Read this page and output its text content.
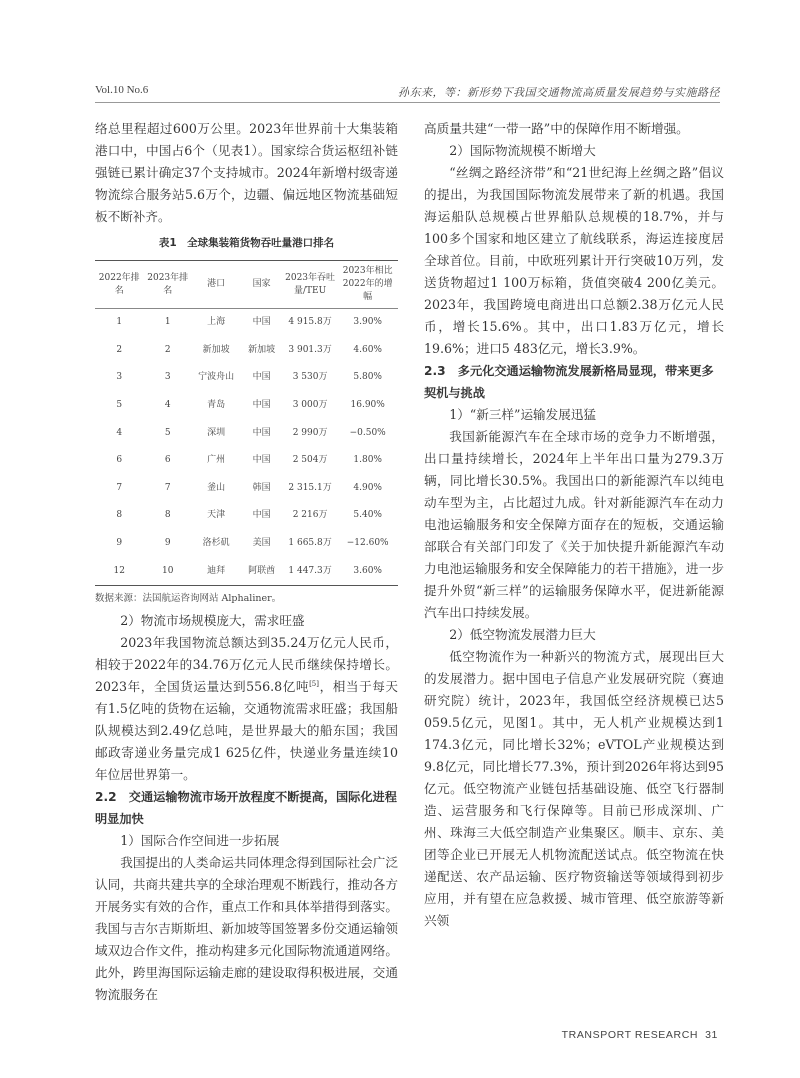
Vol.10 No.6	孙东来，等：新形势下我国交通物流高质量发展趋势与实施路径

络总里程超过600万公里。2023年世界前十大集装箱港口中，中国占6个（见表1）。国家综合货运枢纽补链强链已累计确定37个支持城市。2024年新增村级寄递物流综合服务站5.6万个，边疆、偏远地区物流基础短板不断补齐。

表1　全球集装箱货物吞吐量港口排名
2022年排名	2023年排名	港口	国家	2023年吞吐量/TEU	2023年相比2022年的增幅
1	1	上海	中国	4 915.8万	3.90%
2	2	新加坡	新加坡	3 901.3万	4.60%
3	3	宁波舟山	中国	3 530万	5.80%
5	4	青岛	中国	3 000万	16.90%
4	5	深圳	中国	2 990万	−0.50%
6	6	广州	中国	2 504万	1.80%
7	7	釜山	韩国	2 315.1万	4.90%
8	8	天津	中国	2 216万	5.40%
9	9	洛杉矶	美国	1 665.8万	−12.60%
12	10	迪拜	阿联酋	1 447.3万	3.60%
数据来源：法国航运咨询网站 Alphaliner。

2）物流市场规模庞大，需求旺盛

2023年我国物流总额达到35.24万亿元人民币，相较于2022年的34.76万亿元人民币继续保持增长。2023年，全国货运量达到556.8亿吨[5]，相当于每天有1.5亿吨的货物在运输，交通物流需求旺盛；我国船队规模达到2.49亿总吨，是世界最大的船东国；我国邮政寄递业务量完成1 625亿件，快递业务量连续10年位居世界第一。

2.2　交通运输物流市场开放程度不断提高，国际化进程明显加快

1）国际合作空间进一步拓展

我国提出的人类命运共同体理念得到国际社会广泛认同，共商共建共享的全球治理观不断践行，推动各方开展务实有效的合作，重点工作和具体举措得到落实。我国与吉尔吉斯斯坦、新加坡等国签署多份交通运输领域双边合作文件，推动构建多元化国际物流通道网络。此外，跨里海国际运输走廊的建设取得积极进展，交通物流服务在

高质量共建“一带一路”中的保障作用不断增强。

2）国际物流规模不断增大

“丝绸之路经济带”和“21世纪海上丝绸之路”倡议的提出，为我国国际物流发展带来了新的机遇。我国海运船队总规模占世界船队总规模的18.7%，并与100多个国家和地区建立了航线联系，海运连接度居全球首位。目前，中欧班列累计开行突破10万列，发送货物超过1 100万标箱，货值突破4 200亿美元。2023年，我国跨境电商进出口总额2.38万亿元人民币，增长15.6%。其中，出口1.83万亿元，增长19.6%；进口5 483亿元，增长3.9%。

2.3　多元化交通运输物流发展新格局显现，带来更多契机与挑战

1）“新三样”运输发展迅猛

我国新能源汽车在全球市场的竞争力不断增强，出口量持续增长，2024年上半年出口量为279.3万辆，同比增长30.5%。我国出口的新能源汽车以纯电动车型为主，占比超过九成。针对新能源汽车在动力电池运输服务和安全保障方面存在的短板，交通运输部联合有关部门印发了《关于加快提升新能源汽车动力电池运输服务和安全保障能力的若干措施》，进一步提升外贸“新三样”的运输服务保障水平，促进新能源汽车出口持续发展。

2）低空物流发展潜力巨大

低空物流作为一种新兴的物流方式，展现出巨大的发展潜力。据中国电子信息产业发展研究院（赛迪研究院）统计，2023年，我国低空经济规模已达5 059.5亿元，见图1。其中，无人机产业规模达到1 174.3亿元，同比增长32%；eVTOL产业规模达到9.8亿元，同比增长77.3%，预计到2026年将达到95亿元。低空物流产业链包括基础设施、低空飞行器制造、运营服务和飞行保障等。目前已形成深圳、广州、珠海三大低空制造产业集聚区。顺丰、京东、美团等企业已开展无人机物流配送试点。低空物流在快递配送、农产品运输、医疗物资输送等领域得到初步应用，并有望在应急救援、城市管理、低空旅游等新兴领

TRANSPORT RESEARCH 31
